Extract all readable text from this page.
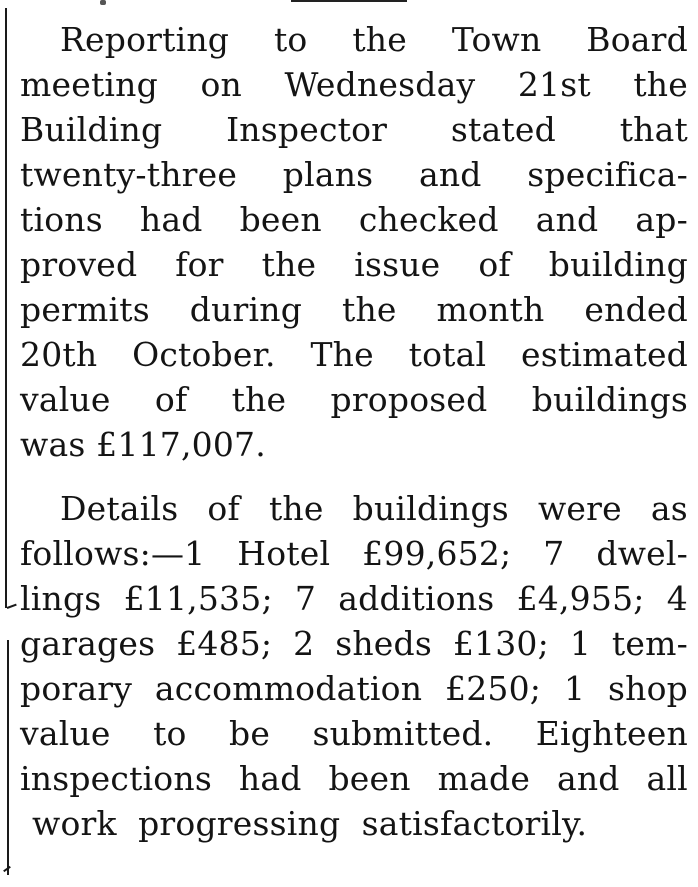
Reporting to the Town Board
meeting on Wednesday 21st the
Building Inspector stated that
twenty-three plans and specifica-
tions had been checked and ap-
proved for the issue of building
permits during the month ended
20th October. The total estimated
value of the proposed buildings
was
£117,007.
Details of the buildings were as
follows:—1 Hotel £99,652; 7 dwel-
lings £11,535; 7 additions £4,955; 4
garages £485; 2 sheds £130; 1 tem-
porary accommodation £250; 1 shop
value to be submitted. Eighteen
inspections had been made and all
work
progressing
satisfactorily.
